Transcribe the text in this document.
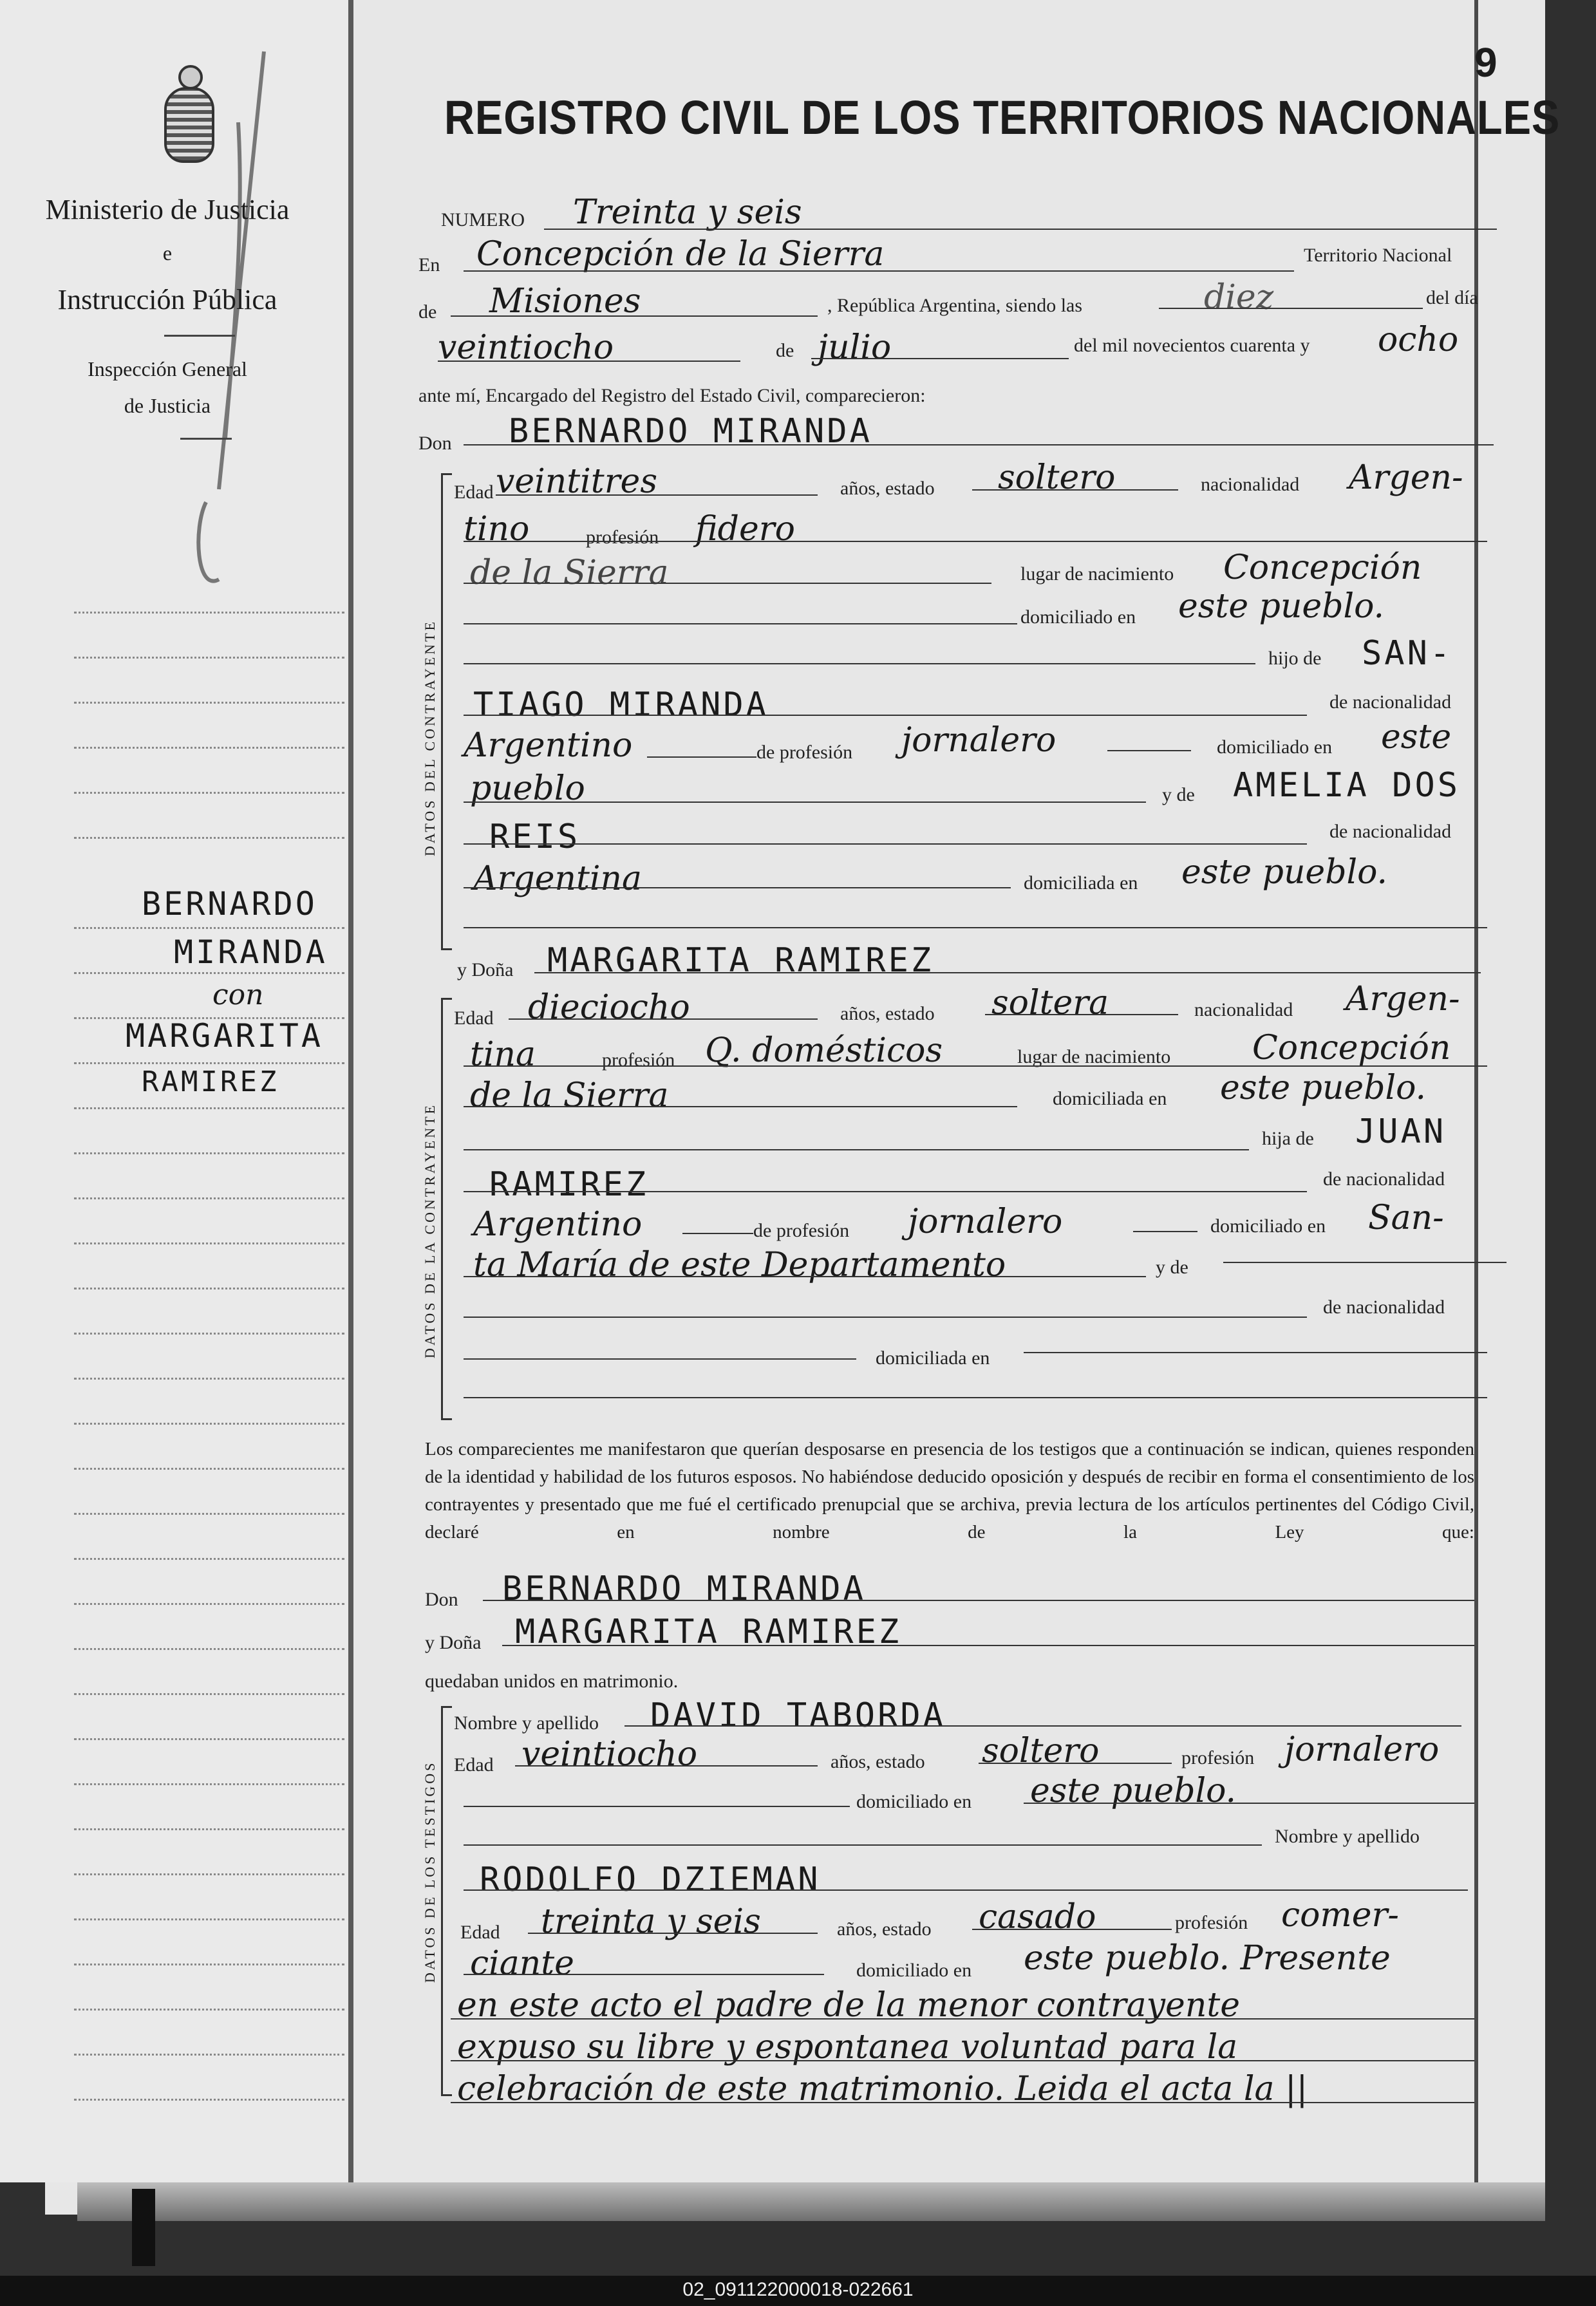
Ministerio de Justicia
e
Instrucción Pública
Inspección General
de Justicia
BERNARDO
MIRANDA
con
MARGARITA
RAMIREZ
9
REGISTRO CIVIL DE LOS TERRITORIOS NACIONALES
NUMERO Treinta y seis
En Concepción de la Sierra	Territorio Nacional
de Misiones	, República Argentina, siendo las	diez	del día
veintiocho	de julio	del mil novecientos cuarenta y ocho
ante mí, Encargado del Registro del Estado Civil, comparecieron:
Don BERNARDO MIRANDA
DATOS DEL CONTRAYENTE
Edad veintitres	años, estado soltero	nacionalidad Argen-
tino	profesión fidero
de la Sierra	lugar de nacimiento Concepción
domiciliado en este pueblo.
hijo de SAN-
TIAGO MIRANDA	de nacionalidad
Argentino	de profesión jornalero	domiciliado en este
pueblo	y de AMELIA DOS
REIS	de nacionalidad
Argentina	domiciliada en este pueblo.
y Doña MARGARITA RAMIREZ
DATOS DE LA CONTRAYENTE
Edad dieciocho	años, estado soltera	nacionalidad Argen-
tina	profesión Q. domésticos	lugar de nacimiento Concepción
de la Sierra	domiciliada en este pueblo.
hija de JUAN
RAMIREZ	de nacionalidad
Argentino	de profesión jornalero	domiciliado en San-
ta María de este Departamento	y de
de nacionalidad
domiciliada en
Los comparecientes me manifestaron que querían desposarse en presencia de los testigos que a continuación se indican, quienes responden de la identidad y habilidad de los futuros esposos. No habiéndose deducido oposición y después de recibir en forma el consentimiento de los contrayentes y presentado que me fué el certificado prenupcial que se archiva, previa lectura de los artículos pertinentes del Código Civil, declaré en nombre de la Ley que:
Don BERNARDO MIRANDA
y Doña MARGARITA RAMIREZ
quedaban unidos en matrimonio.
DATOS DE LOS TESTIGOS
Nombre y apellido DAVID TABORDA
Edad veintiocho	años, estado soltero	profesión jornalero
domiciliado en este pueblo.
Nombre y apellido
RODOLFO DZIEMAN
Edad treinta y seis	años, estado casado	profesión comer-
ciante	domiciliado en este pueblo. Presente
en este acto el padre de la menor contrayente
expuso su libre y espontanea voluntad para la
celebración de este matrimonio. Leida el acta la ||
02_091122000018-022661
